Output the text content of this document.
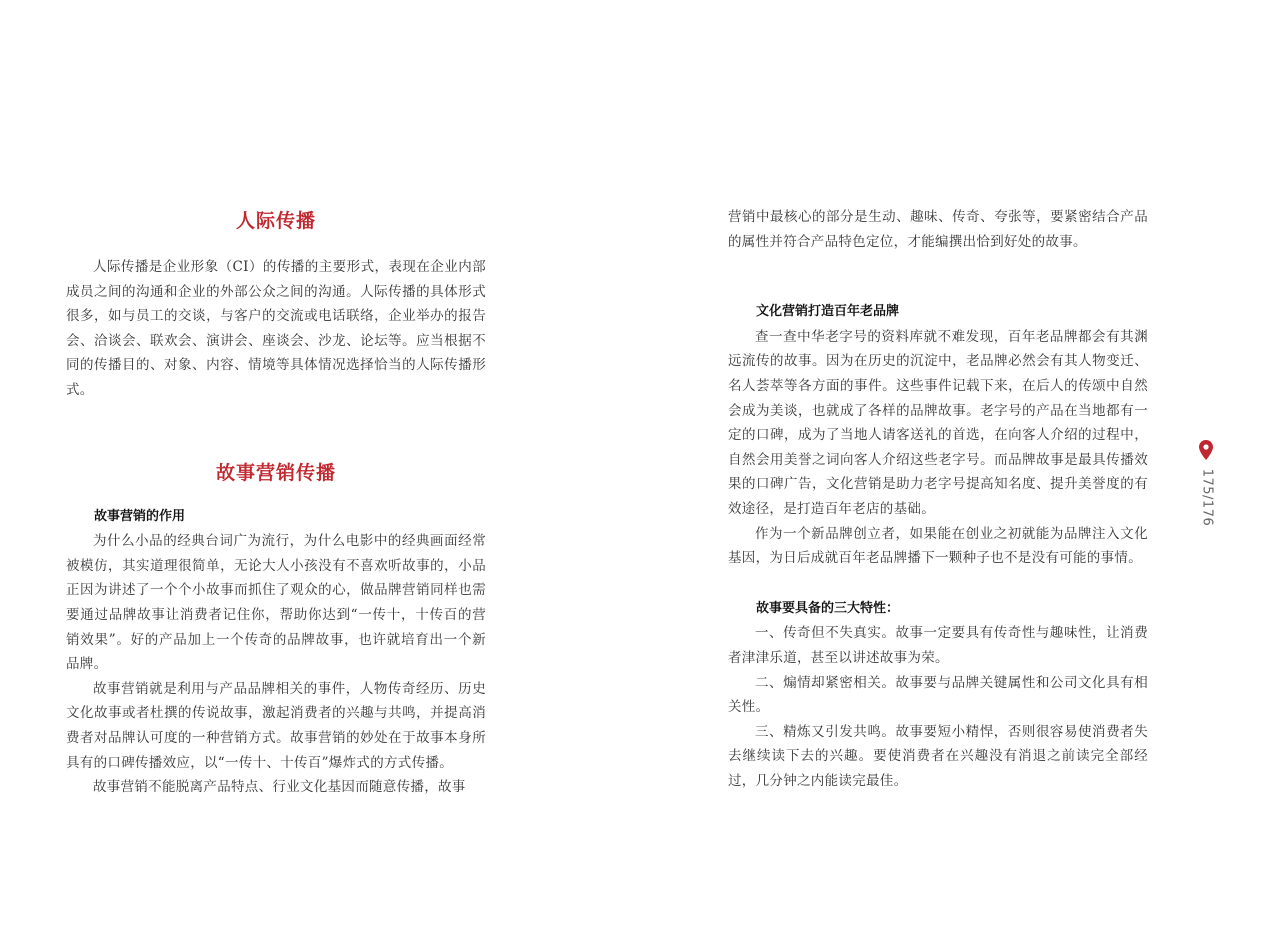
人际传播

人际传播是企业形象（CI）的传播的主要形式，表现在企业内部成员之间的沟通和企业的外部公众之间的沟通。人际传播的具体形式很多，如与员工的交谈，与客户的交流或电话联络，企业举办的报告会、洽谈会、联欢会、演讲会、座谈会、沙龙、论坛等。应当根据不同的传播目的、对象、内容、情境等具体情况选择恰当的人际传播形式。

故事营销传播

故事营销的作用

为什么小品的经典台词广为流行，为什么电影中的经典画面经常被模仿，其实道理很简单，无论大人小孩没有不喜欢听故事的，小品正因为讲述了一个个小故事而抓住了观众的心，做品牌营销同样也需要通过品牌故事让消费者记住你，帮助你达到“一传十，十传百的营销效果”。好的产品加上一个传奇的品牌故事，也许就培育出一个新品牌。

故事营销就是利用与产品品牌相关的事件，人物传奇经历、历史文化故事或者杜撰的传说故事，激起消费者的兴趣与共鸣，并提高消费者对品牌认可度的一种营销方式。故事营销的妙处在于故事本身所具有的口碑传播效应，以“一传十、十传百”爆炸式的方式传播。

故事营销不能脱离产品特点、行业文化基因而随意传播，故事

营销中最核心的部分是生动、趣味、传奇、夸张等，要紧密结合产品的属性并符合产品特色定位，才能编撰出恰到好处的故事。

文化营销打造百年老品牌

查一查中华老字号的资料库就不难发现，百年老品牌都会有其渊远流传的故事。因为在历史的沉淀中，老品牌必然会有其人物变迁、名人荟萃等各方面的事件。这些事件记载下来，在后人的传颂中自然会成为美谈，也就成了各样的品牌故事。老字号的产品在当地都有一定的口碑，成为了当地人请客送礼的首选，在向客人介绍的过程中，自然会用美誉之词向客人介绍这些老字号。而品牌故事是最具传播效果的口碑广告，文化营销是助力老字号提高知名度、提升美誉度的有效途径，是打造百年老店的基础。

作为一个新品牌创立者，如果能在创业之初就能为品牌注入文化基因，为日后成就百年老品牌播下一颗种子也不是没有可能的事情。

故事要具备的三大特性：

一、传奇但不失真实。故事一定要具有传奇性与趣味性，让消费者津津乐道，甚至以讲述故事为荣。

二、煽情却紧密相关。故事要与品牌关键属性和公司文化具有相关性。

三、精炼又引发共鸣。故事要短小精悍，否则很容易使消费者失去继续读下去的兴趣。要使消费者在兴趣没有消退之前读完全部经过，几分钟之内能读完最佳。

175/176
